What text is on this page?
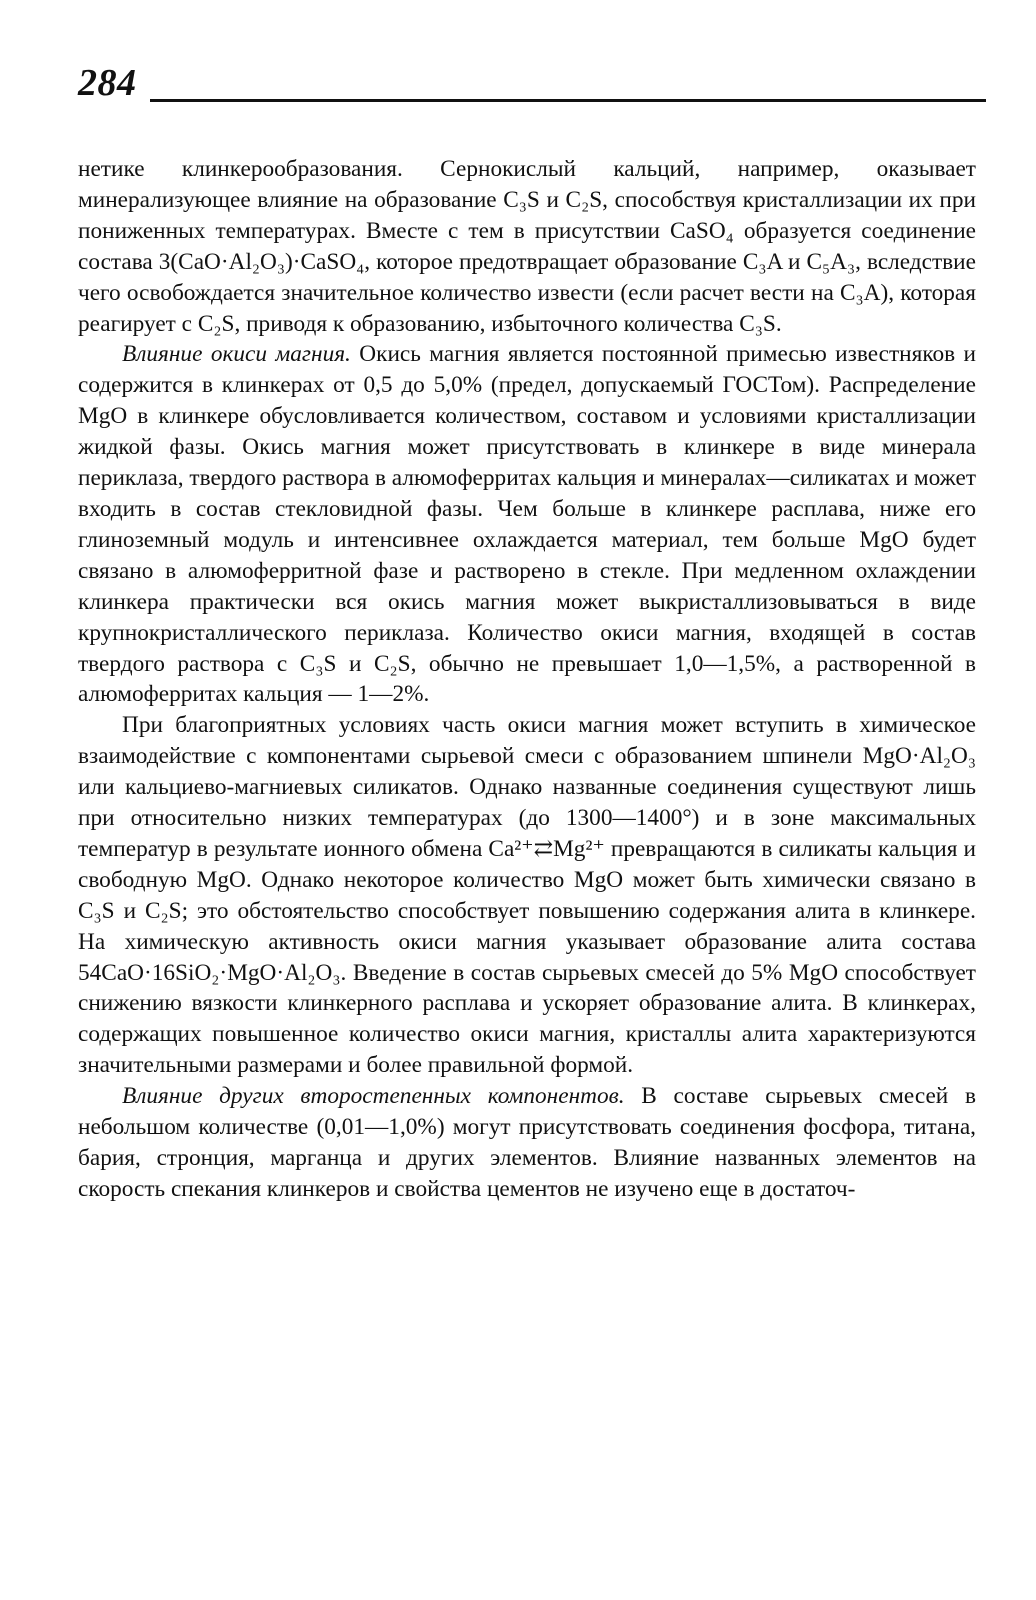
284

нетике клинкерообразования. Сернокислый кальций, например, оказывает минерализующее влияние на образование C₃S и C₂S, способствуя кристаллизации их при пониженных температурах. Вместе с тем в присутствии CaSO₄ образуется соединение состава 3(CaO·Al₂O₃)·CaSO₄, которое предотвращает образование C₃A и C₅A₃, вследствие чего освобождается значительное количество извести (если расчет вести на C₃A), которая реагирует с C₂S, приводя к образованию, избыточного количества C₃S.

Влияние окиси магния. Окись магния является постоянной примесью известняков и содержится в клинкерах от 0,5 до 5,0% (предел, допускаемый ГОСТом). Распределение MgO в клинкере обусловливается количеством, составом и условиями кристаллизации жидкой фазы. Окись магния может присутствовать в клинкере в виде минерала периклаза, твердого раствора в алюмоферритах кальция и минералах—силикатах и может входить в состав стекловидной фазы. Чем больше в клинкере расплава, ниже его глиноземный модуль и интенсивнее охлаждается материал, тем больше MgO будет связано в алюмоферритной фазе и растворено в стекле. При медленном охлаждении клинкера практически вся окись магния может выкристаллизовываться в виде крупнокристаллического периклаза. Количество окиси магния, входящей в состав твердого раствора с C₃S и C₂S, обычно не превышает 1,0—1,5%, а растворенной в алюмоферритах кальция — 1—2%.

При благоприятных условиях часть окиси магния может вступить в химическое взаимодействие с компонентами сырьевой смеси с образованием шпинели MgO·Al₂O₃ или кальциево-магниевых силикатов. Однако названные соединения существуют лишь при относительно низких температурах (до 1300—1400°) и в зоне максимальных температур в результате ионного обмена Ca²⁺⇄Mg²⁺ превращаются в силикаты кальция и свободную MgO. Однако некоторое количество MgO может быть химически связано в C₃S и C₂S; это обстоятельство способствует повышению содержания алита в клинкере. На химическую активность окиси магния указывает образование алита состава 54CaO·16SiO₂·MgO·Al₂O₃. Введение в состав сырьевых смесей до 5% MgO способствует снижению вязкости клинкерного расплава и ускоряет образование алита. В клинкерах, содержащих повышенное количество окиси магния, кристаллы алита характеризуются значительными размерами и более правильной формой.

Влияние других второстепенных компонентов. В составе сырьевых смесей в небольшом количестве (0,01—1,0%) могут присутствовать соединения фосфора, титана, бария, стронция, марганца и других элементов. Влияние названных элементов на скорость спекания клинкеров и свойства цементов не изучено еще в достаточ-
